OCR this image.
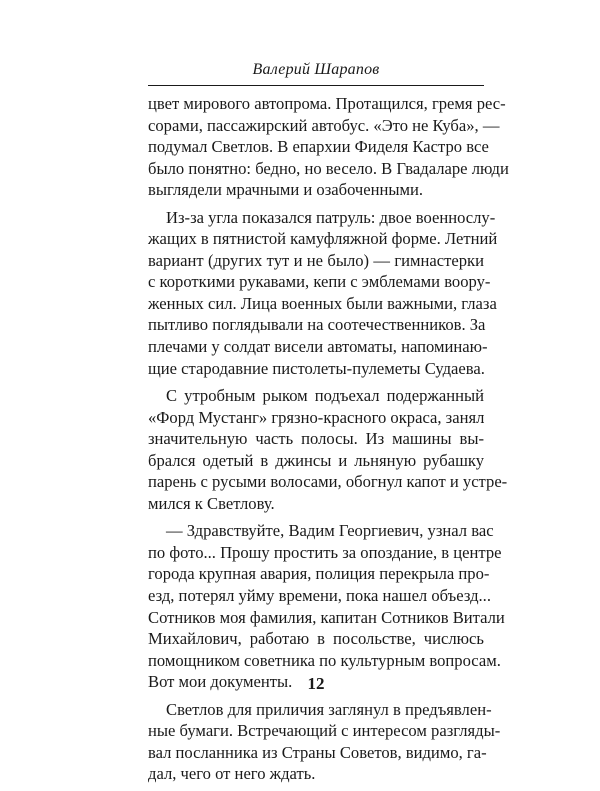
Валерий Шарапов
цвет мирового автопрома. Протащился, гремя рес-
сорами, пассажирский автобус. «Это не Куба», —
подумал Светлов. В епархии Фиделя Кастро все
было понятно: бедно, но весело. В Гвадаларе люди
выглядели мрачными и озабоченными.
Из-за угла показался патруль: двое военнослу-
жащих в пятнистой камуфляжной форме. Летний
вариант (других тут и не было) — гимнастерки
с короткими рукавами, кепи с эмблемами воору-
женных сил. Лица военных были важными, глаза
пытливо поглядывали на соотечественников. За
плечами у солдат висели автоматы, напоминаю-
щие стародавние пистолеты-пулеметы Судаева.
С утробным рыком подъехал подержанный
«Форд Мустанг» грязно-красного окраса, занял
значительную часть полосы. Из машины вы-
брался одетый в джинсы и льняную рубашку
парень с русыми волосами, обогнул капот и устре-
мился к Светлову.
— Здравствуйте, Вадим Георгиевич, узнал вас
по фото... Прошу простить за опоздание, в центре
города крупная авария, полиция перекрыла про-
езд, потерял уйму времени, пока нашел объезд...
Сотников моя фамилия, капитан Сотников Витали
Михайлович, работаю в посольстве, числюсь
помощником советника по культурным вопросам.
Вот мои документы.
Светлов для приличия заглянул в предъявлен-
ные бумаги. Встречающий с интересом разгляды-
вал посланника из Страны Советов, видимо, га-
дал, чего от него ждать.
12
